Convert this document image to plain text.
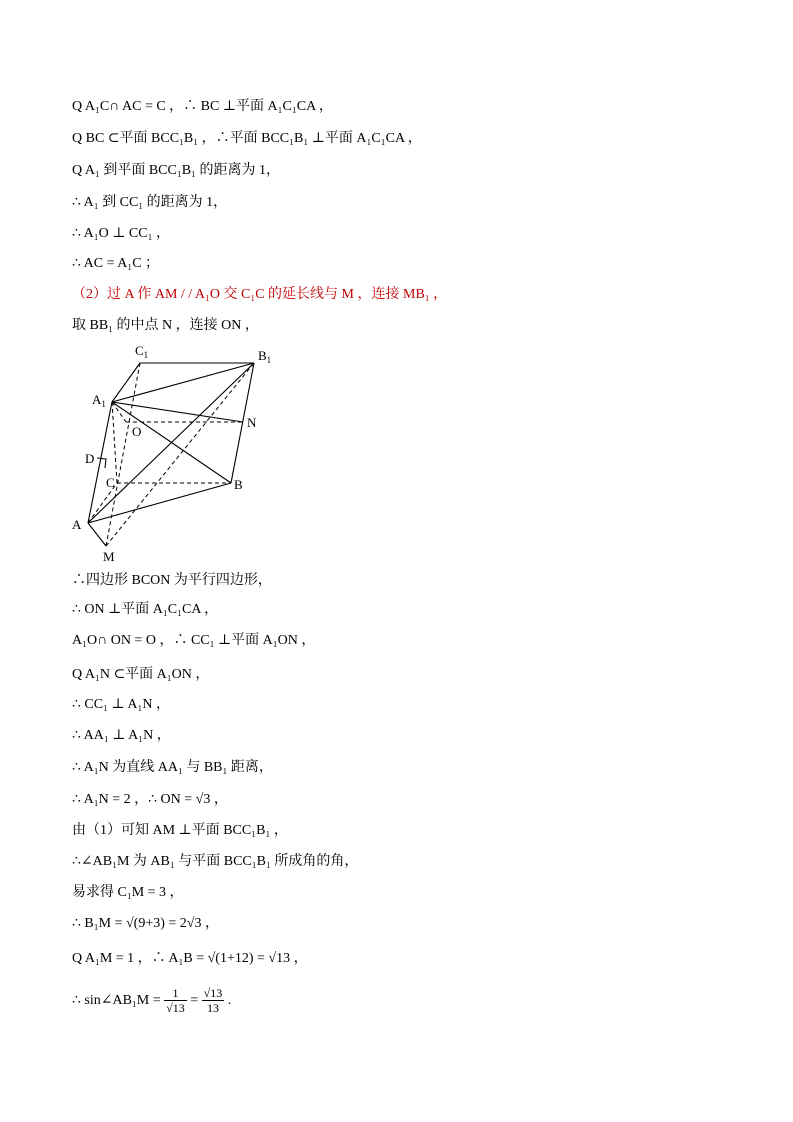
Q A₁C∩ AC = C ，∴ BC ⊥平面 A₁C₁CA ，
Q BC ⊂平面 BCC₁B₁ ，∴平面 BCC₁B₁ ⊥平面 A₁C₁CA ，
Q A₁ 到平面 BCC₁B₁ 的距离为 1，
∴ A₁ 到 CC₁ 的距离为 1，
∴ A₁O ⊥ CC₁ ，
∴ AC = A₁C ；
（2）过 A 作 AM / / A₁O 交 C₁C 的延长线与 M ，连接 MB₁ ，
取 BB₁ 的中点 N ，连接 ON ，
$C_1$	$B_1$
$A_1$
O
N
D
C	B
A
M
∴四边形 BCON 为平行四边形，
∴ ON ⊥平面 A₁C₁CA ，
A₁O∩ ON = O ，∴ CC₁ ⊥平面 A₁ON ，
Q A₁N ⊂平面 A₁ON ，
∴ CC₁ ⊥ A₁N ，
∴ AA₁ ⊥ A₁N ，
∴ A₁N 为直线 AA₁ 与 BB₁ 距离，
∴ A₁N = 2 ，∴ ON = √3 ，
由（1）可知 AM ⊥平面 BCC₁B₁ ，
∴∠AB₁M 为 AB₁ 与平面 BCC₁B₁ 所成角的角，
易求得 C₁M = 3 ，
∴ B₁M = √(9+3) = 2√3 ，
Q A₁M = 1 ，∴ A₁B = √(1+12) = √13 ，
∴ sin∠AB₁M = $\frac{1}{√13} = \frac{√13}{13}$ .
